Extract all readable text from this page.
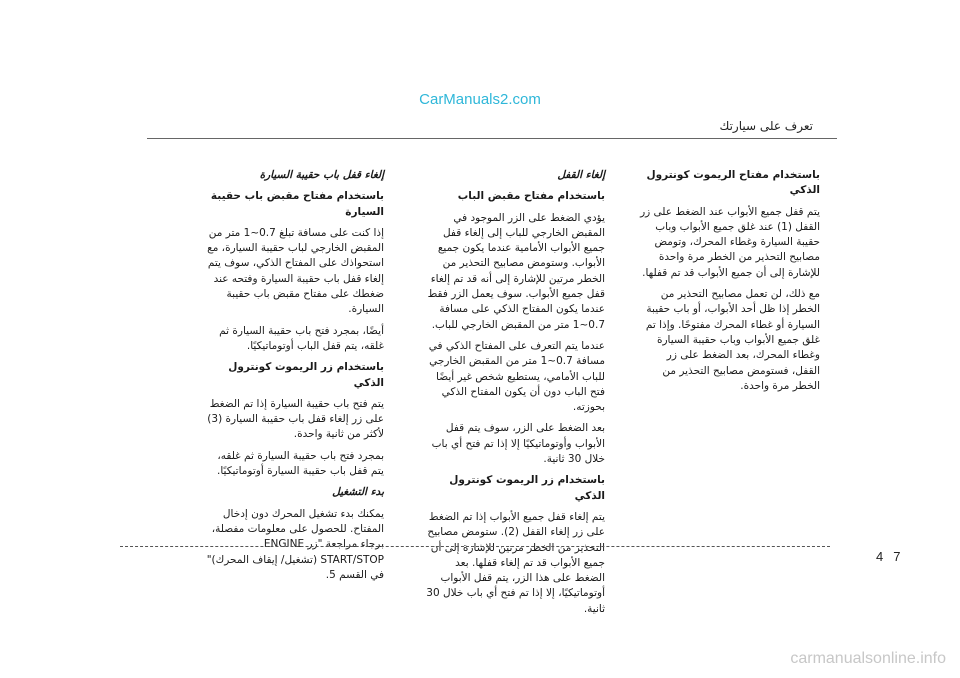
CarManuals2.com
تعرف على سيارتك

باستخدام مفتاح الريموت كونترول الذكي

يتم قفل جميع الأبواب عند الضغط على زر القفل (1) عند غلق جميع الأبواب وباب حقيبة السيارة وغطاء المحرك، وتومض مصابيح التحذير من الخطر مرة واحدة للإشارة إلى أن جميع الأبواب قد تم قفلها.

مع ذلك، لن تعمل مصابيح التحذير من الخطر إذا ظل أحد الأبواب، أو باب حقيبة السيارة أو غطاء المحرك مفتوحًا. وإذا تم غلق جميع الأبواب وباب حقيبة السيارة وغطاء المحرك، بعد الضغط على زر القفل، فستومض مصابيح التحذير من الخطر مرة واحدة.

إلغاء القفل

باستخدام مفتاح مقبض الباب

يؤدي الضغط على الزر الموجود في المقبض الخارجي للباب إلى إلغاء قفل جميع الأبواب الأمامية عندما يكون جميع الأبواب. وستومض مصابيح التحذير من الخطر مرتين للإشارة إلى أنه قد تم إلغاء قفل جميع الأبواب. سوف يعمل الزر فقط عندما يكون المفتاح الذكي على مسافة 0.7~1 متر من المقبض الخارجي للباب.

عندما يتم التعرف على المفتاح الذكي في مسافة 0.7~1 متر من المقبض الخارجي للباب الأمامي، يستطيع شخص غير أيضًا فتح الباب دون أن يكون المفتاح الذكي بحوزته.

بعد الضغط على الزر، سوف يتم قفل الأبواب وأوتوماتيكيًا إلا إذا تم فتح أي باب خلال 30 ثانية.

باستخدام زر الريموت كونترول الذكي

يتم إلغاء قفل جميع الأبواب إذا تم الضغط على زر إلغاء القفل (2). ستومض مصابيح التحذير من الخطر مرتين للإشارة إلى أن جميع الأبواب قد تم إلغاء قفلها. بعد الضغط على هذا الزر، يتم قفل الأبواب أوتوماتيكيًا، إلا إذا تم فتح أي باب خلال 30 ثانية.

إلغاء قفل باب حقيبة السيارة

باستخدام مفتاح مقبض باب حقيبة السيارة

إذا كنت على مسافة تبلغ 0.7~1 متر من المقبض الخارجي لباب حقيبة السيارة، مع استحواذك على المفتاح الذكي، سوف يتم إلغاء قفل باب حقيبة السيارة وفتحه عند ضغطك على مفتاح مقبض باب حقيبة السيارة.

أيضًا، بمجرد فتح باب حقيبة السيارة ثم غلقه، يتم قفل الباب أوتوماتيكيًا.

باستخدام زر الريموت كونترول الذكي

يتم فتح باب حقيبة السيارة إذا تم الضغط على زر إلغاء قفل باب حقيبة السيارة (3) لأكثر من ثانية واحدة.

بمجرد فتح باب حقيبة السيارة ثم غلقه، يتم قفل باب حقيبة السيارة أوتوماتيكيًا.

بدء التشغيل

يمكنك بدء تشغيل المحرك دون إدخال المفتاح. للحصول على معلومات مفصلة، برجاء مراجعة "زر ENGINE START/STOP (تشغيل/ إيقاف المحرك)" في القسم 5.

4 7
carmanualsonline.info
